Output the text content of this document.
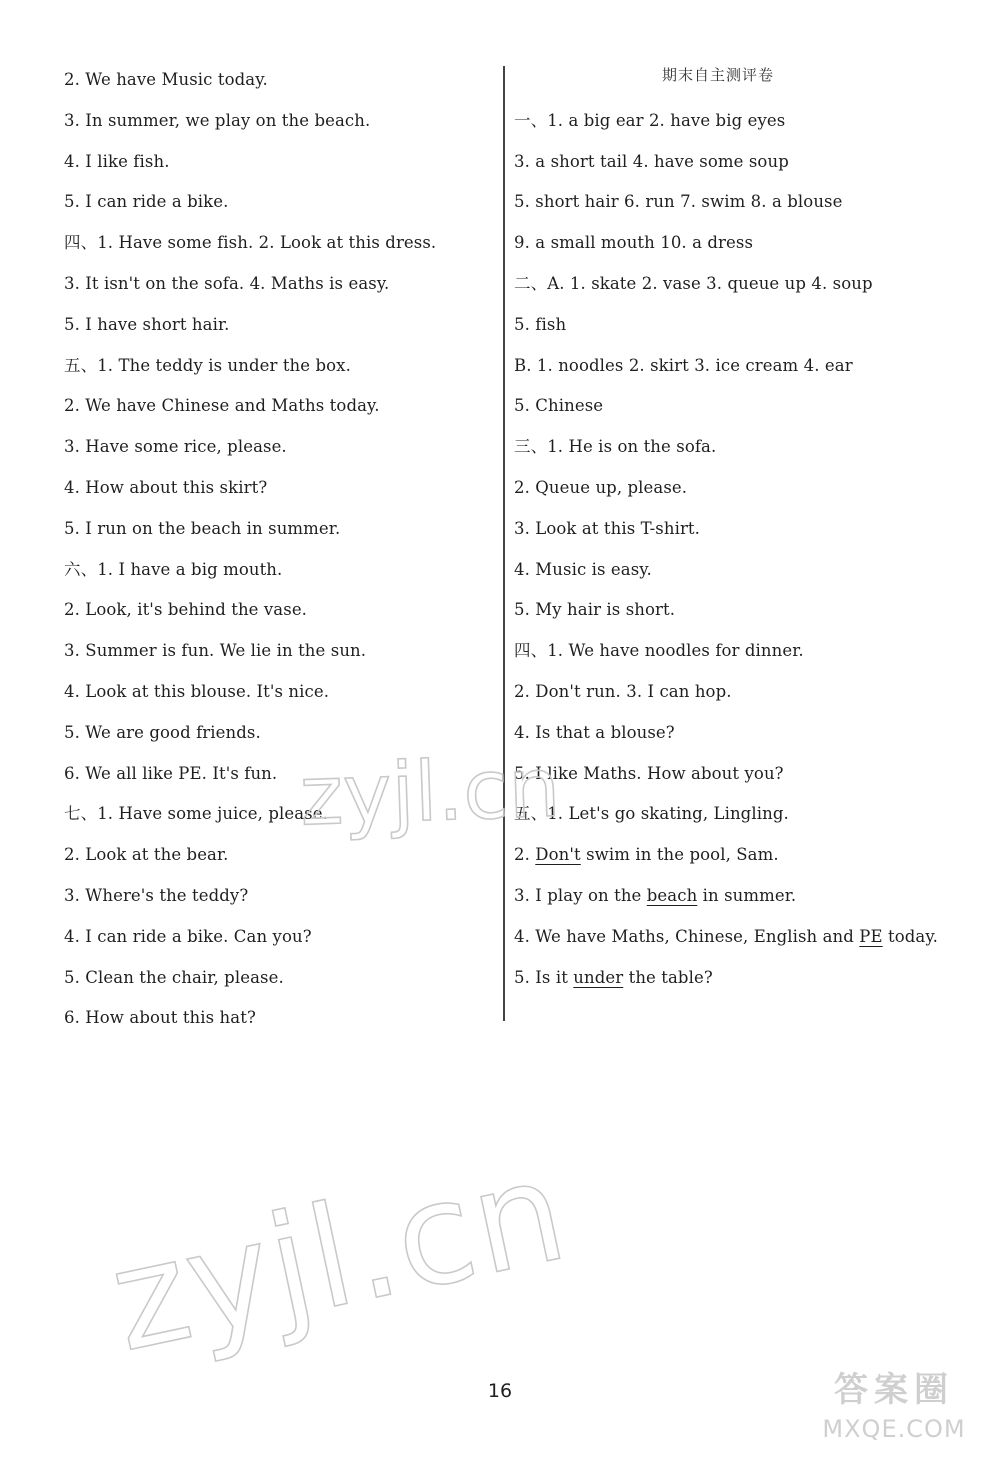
2. We have Music today.
3. In summer, we play on the beach.
4. I like fish.
5. I can ride a bike.
四、1. Have some fish. 2. Look at this dress.
3. It isn't on the sofa. 4. Maths is easy.
5. I have short hair.
五、1. The teddy is under the box.
2. We have Chinese and Maths today.
3. Have some rice, please.
4. How about this skirt?
5. I run on the beach in summer.
六、1. I have a big mouth.
2. Look, it's behind the vase.
3. Summer is fun. We lie in the sun.
4. Look at this blouse. It's nice.
5. We are good friends.
6. We all like PE. It's fun.
七、1. Have some juice, please.
2. Look at the bear.
3. Where's the teddy?
4. I can ride a bike. Can you?
5. Clean the chair, please.
6. How about this hat?
期末自主测评卷
一、1. a big ear 2. have big eyes
3. a short tail 4. have some soup
5. short hair 6. run 7. swim 8. a blouse
9. a small mouth 10. a dress
二、A. 1. skate 2. vase 3. queue up 4. soup
5. fish
B. 1. noodles 2. skirt 3. ice cream 4. ear
5. Chinese
三、1. He is on the sofa.
2. Queue up, please.
3. Look at this T-shirt.
4. Music is easy.
5. My hair is short.
四、1. We have noodles for dinner.
2. Don't run. 3. I can hop.
4. Is that a blouse?
5. I like Maths. How about you?
五、1. Let's go skating, Lingling.
2. Don't swim in the pool, Sam.
3. I play on the beach in summer.
4. We have Maths, Chinese, English and PE today.
5. Is it under the table?
zyjl.cn
zyjl.cn
16	答案圈
MXQE.COM
